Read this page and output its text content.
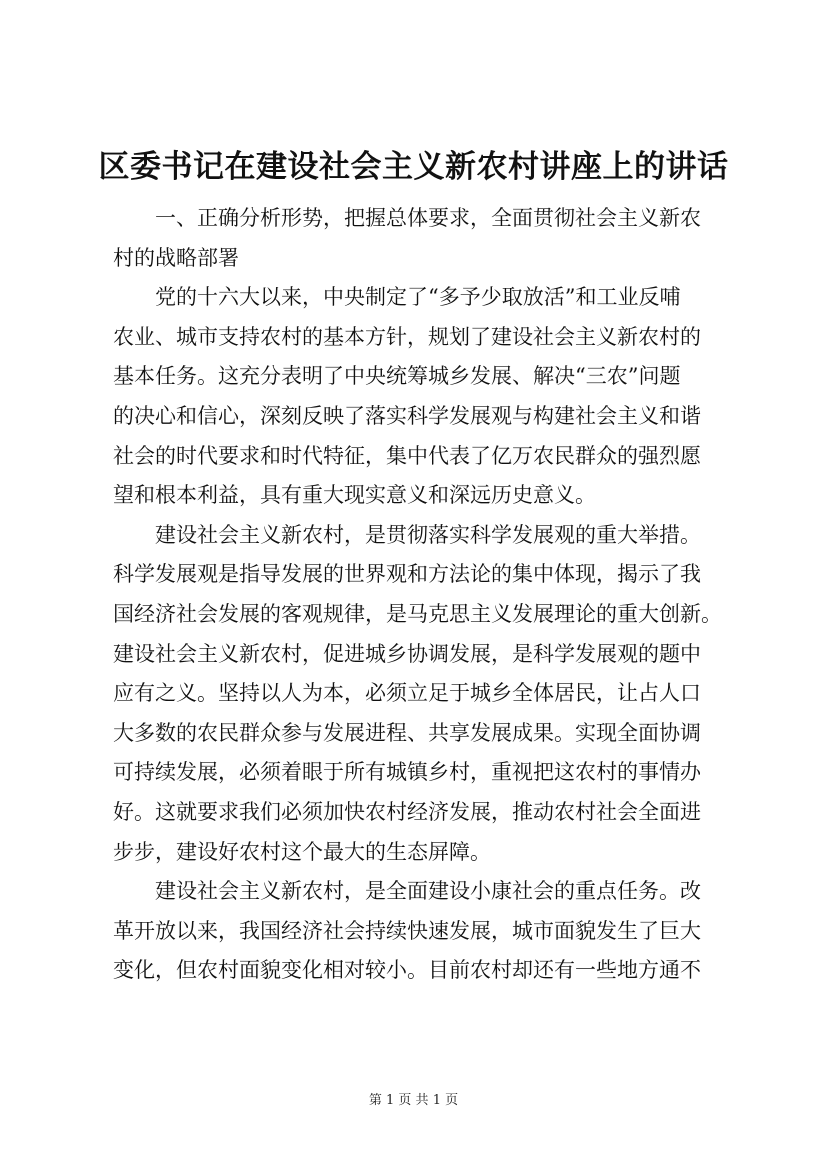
区委书记在建设社会主义新农村讲座上的讲话
一、正确分析形势，把握总体要求，全面贯彻社会主义新农
村的战略部署
党的十六大以来，中央制定了“多予少取放活”和工业反哺
农业、城市支持农村的基本方针，规划了建设社会主义新农村的
基本任务。这充分表明了中央统筹城乡发展、解决“三农”问题
的决心和信心，深刻反映了落实科学发展观与构建社会主义和谐
社会的时代要求和时代特征，集中代表了亿万农民群众的强烈愿
望和根本利益，具有重大现实意义和深远历史意义。
建设社会主义新农村，是贯彻落实科学发展观的重大举措。
科学发展观是指导发展的世界观和方法论的集中体现，揭示了我
国经济社会发展的客观规律，是马克思主义发展理论的重大创新。
建设社会主义新农村，促进城乡协调发展，是科学发展观的题中
应有之义。坚持以人为本，必须立足于城乡全体居民，让占人口
大多数的农民群众参与发展进程、共享发展成果。实现全面协调
可持续发展，必须着眼于所有城镇乡村，重视把这农村的事情办
好。这就要求我们必须加快农村经济发展，推动农村社会全面进
步步，建设好农村这个最大的生态屏障。
建设社会主义新农村，是全面建设小康社会的重点任务。改
革开放以来，我国经济社会持续快速发展，城市面貌发生了巨大
变化，但农村面貌变化相对较小。目前农村却还有一些地方通不
第 1 页 共 1 页
